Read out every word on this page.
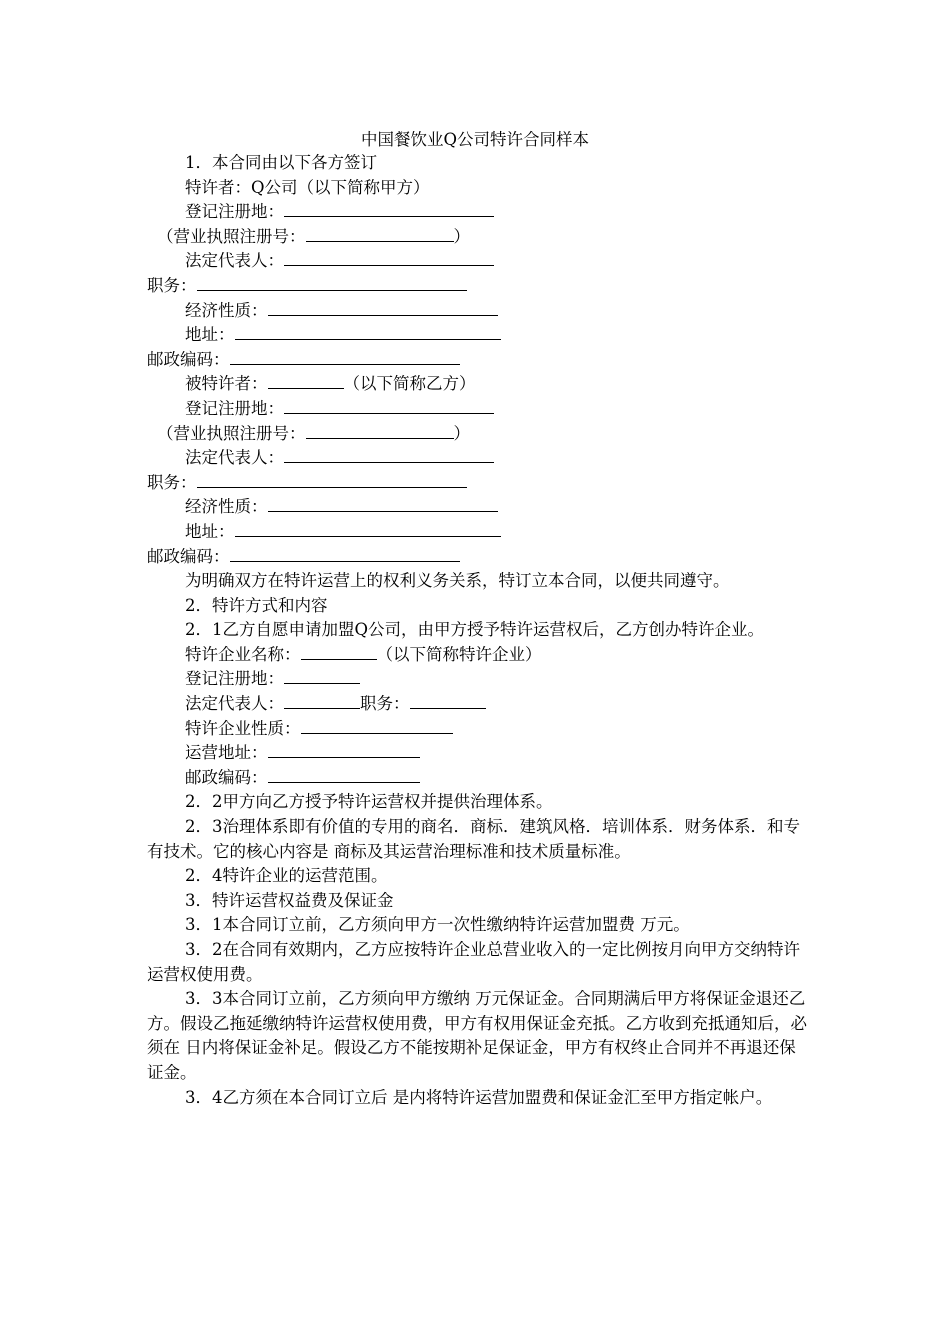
中国餐饮业Q公司特许合同样本

1．本合同由以下各方签订

特许者：Q公司（以下简称甲方）

登记注册地：

（营业执照注册号：	）

法定代表人：

职务：

经济性质：

地址：

邮政编码：

被特许者：	（以下简称乙方）

登记注册地：

（营业执照注册号：	）

法定代表人：

职务：

经济性质：

地址：

邮政编码：

为明确双方在特许运营上的权利义务关系，特订立本合同，以便共同遵守。

2．特许方式和内容

2．1乙方自愿申请加盟Q公司，由甲方授予特许运营权后，乙方创办特许企业。

特许企业名称：	（以下简称特许企业）

登记注册地：

法定代表人：	职务：

特许企业性质：

运营地址：

邮政编码：

2．2甲方向乙方授予特许运营权并提供治理体系。

2．3治理体系即有价值的专用的商名．商标．建筑风格．培训体系．财务体系．和专有技术。它的核心内容是 商标及其运营治理标准和技术质量标准。

2．4特许企业的运营范围。

3．特许运营权益费及保证金

3．1本合同订立前，乙方须向甲方一次性缴纳特许运营加盟费 万元。

3．2在合同有效期内，乙方应按特许企业总营业收入的一定比例按月向甲方交纳特许运营权使用费。

3．3本合同订立前，乙方须向甲方缴纳 万元保证金。合同期满后甲方将保证金退还乙方。假设乙拖延缴纳特许运营权使用费，甲方有权用保证金充抵。乙方收到充抵通知后，必须在 日内将保证金补足。假设乙方不能按期补足保证金，甲方有权终止合同并不再退还保证金。

3．4乙方须在本合同订立后 是内将特许运营加盟费和保证金汇至甲方指定帐户。
